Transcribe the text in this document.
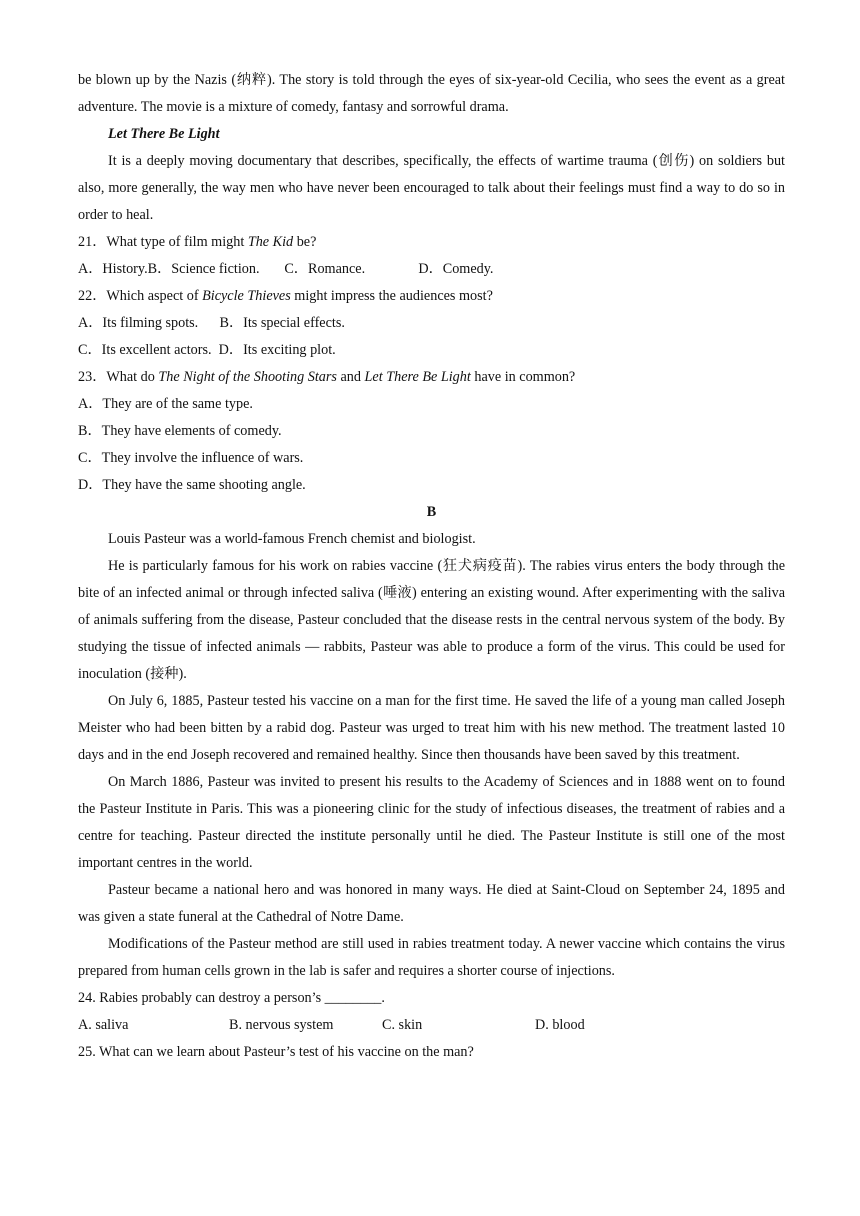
be blown up by the Nazis (纳粹). The story is told through the eyes of six-year-old Cecilia, who sees the event as a great adventure. The movie is a mixture of comedy, fantasy and sorrowful drama.

Let There Be Light

It is a deeply moving documentary that describes, specifically, the effects of wartime trauma (创伤) on soldiers but also, more generally, the way men who have never been encouraged to talk about their feelings must find a way to do so in order to heal.

21．What type of film might The Kid be?

A．History.B．Science fiction.       C．Romance.               D．Comedy.

22．Which aspect of Bicycle Thieves might impress the audiences most?

A．Its filming spots.      B．Its special effects.

C．Its excellent actors.  D．Its exciting plot.

23．What do The Night of the Shooting Stars and Let There Be Light have in common?

A．They are of the same type.

B．They have elements of comedy.

C．They involve the influence of wars.

D．They have the same shooting angle.

B

Louis Pasteur was a world-famous French chemist and biologist.

He is particularly famous for his work on rabies vaccine (狂犬病疫苗). The rabies virus enters the body through the bite of an infected animal or through infected saliva (唾液) entering an existing wound. After experimenting with the saliva of animals suffering from the disease, Pasteur concluded that the disease rests in the central nervous system of the body. By studying the tissue of infected animals — rabbits, Pasteur was able to produce a form of the virus. This could be used for inoculation (接种).

On July 6, 1885, Pasteur tested his vaccine on a man for the first time. He saved the life of a young man called Joseph Meister who had been bitten by a rabid dog. Pasteur was urged to treat him with his new method. The treatment lasted 10 days and in the end Joseph recovered and remained healthy. Since then thousands have been saved by this treatment.

On March 1886, Pasteur was invited to present his results to the Academy of Sciences and in 1888 went on to found the Pasteur Institute in Paris. This was a pioneering clinic for the study of infectious diseases, the treatment of rabies and a centre for teaching. Pasteur directed the institute personally until he died. The Pasteur Institute is still one of the most important centres in the world.

Pasteur became a national hero and was honored in many ways. He died at Saint-Cloud on September 24, 1895 and was given a state funeral at the Cathedral of Notre Dame.

Modifications of the Pasteur method are still used in rabies treatment today. A newer vaccine which contains the virus prepared from human cells grown in the lab is safer and requires a shorter course of injections.

24. Rabies probably can destroy a person’s ________.

A. saliva	B. nervous system	C. skin	D. blood

25. What can we learn about Pasteur’s test of his vaccine on the man?
